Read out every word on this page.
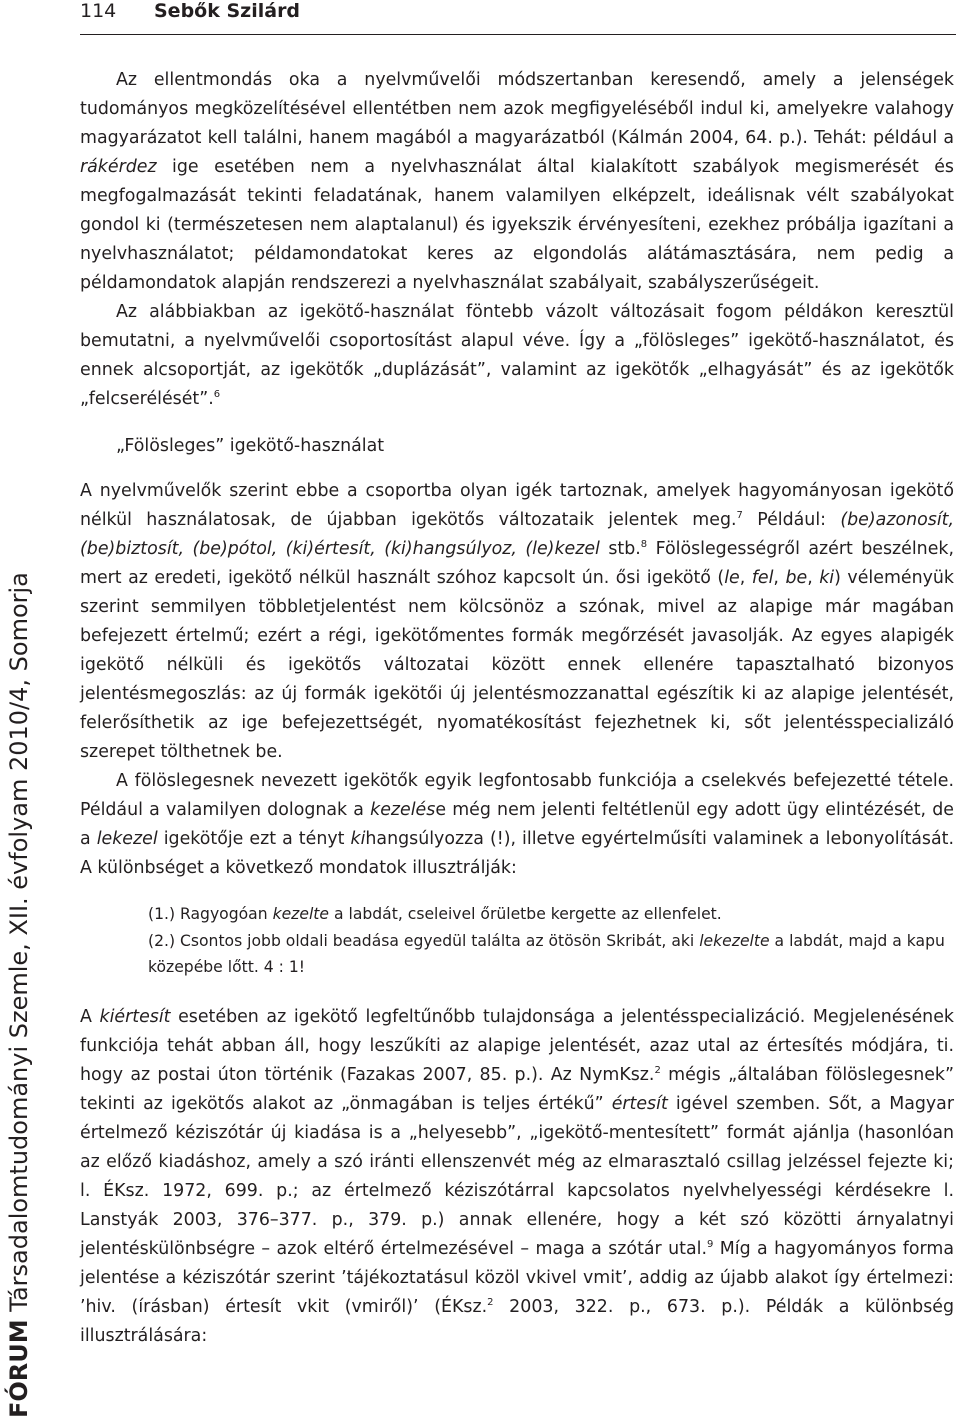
114 Sebők Szilárd
FÓRUM Társadalomtudományi Szemle, XII. évfolyam 2010/4, Somorja

Az ellentmondás oka a nyelvművelői módszertanban keresendő, amely a jelenségek tudományos megközelítésével ellentétben nem azok megfigyeléséből indul ki, amelyekre valahogy magyarázatot kell találni, hanem magából a magyarázatból (Kálmán 2004, 64. p.). Tehát: például a rákérdez ige esetében nem a nyelvhasználat által kialakított szabályok megismerését és megfogalmazását tekinti feladatának, hanem valamilyen elképzelt, ideálisnak vélt szabályokat gondol ki (természetesen nem alaptalanul) és igyekszik érvényesíteni, ezekhez próbálja igazítani a nyelvhasználatot; példamondatokat keres az elgondolás alátámasztására, nem pedig a példamondatok alapján rendszerezi a nyelvhasználat szabályait, szabályszerűségeit.

Az alábbiakban az igekötő-használat föntebb vázolt változásait fogom példákon keresztül bemutatni, a nyelvművelői csoportosítást alapul véve. Így a „fölösleges” igekötő-használatot, és ennek alcsoportját, az igekötők „duplázását”, valamint az igekötők „elhagyását” és az igekötők „felcserélését”.$^6$

„Fölösleges” igekötő-használat

A nyelvművelők szerint ebbe a csoportba olyan igék tartoznak, amelyek hagyományosan igekötő nélkül használatosak, de újabban igekötős változataik jelentek meg.$^7$ Például: (be)azonosít, (be)biztosít, (be)pótol, (ki)értesít, (ki)hangsúlyoz, (le)kezel stb.$^8$ Fölöslegességről azért beszélnek, mert az eredeti, igekötő nélkül használt szóhoz kapcsolt ún. ősi igekötő (le, fel, be, ki) véleményük szerint semmilyen többletjelentést nem kölcsönöz a szónak, mivel az alapige már magában befejezett értelmű; ezért a régi, igekötőmentes formák megőrzését javasolják. Az egyes alapigék igekötő nélküli és igekötős változatai között ennek ellenére tapasztalható bizonyos jelentésmegoszlás: az új formák igekötői új jelentésmozzanattal egészítik ki az alapige jelentését, felerősíthetik az ige befejezettségét, nyomatékosítást fejezhetnek ki, sőt jelentésspecializáló szerepet tölthetnek be.

A fölöslegesnek nevezett igekötők egyik legfontosabb funkciója a cselekvés befejezetté tétele. Például a valamilyen dolognak a kezelése még nem jelenti feltétlenül egy adott ügy elintézését, de a lekezel igekötője ezt a tényt kihangsúlyozza (!), illetve egyértelműsíti valaminek a lebonyolítását. A különbséget a következő mondatok illusztrálják:

(1.) Ragyogóan kezelte a labdát, cseleivel őrületbe kergette az ellenfelet.

(2.) Csontos jobb oldali beadása egyedül találta az ötösön Skribát, aki lekezelte a labdát, majd a kapu közepébe lőtt. 4 : 1!

A kiértesít esetében az igekötő legfeltűnőbb tulajdonsága a jelentésspecializáció. Megjelenésének funkciója tehát abban áll, hogy leszűkíti az alapige jelentését, azaz utal az értesítés módjára, ti. hogy az postai úton történik (Fazakas 2007, 85. p.). Az NymKsz.$^2$ mégis „általában fölöslegesnek” tekinti az igekötős alakot az „önmagában is teljes értékű” értesít igével szemben. Sőt, a Magyar értelmező kéziszótár új kiadása is a „helyesebb”, „igekötő-mentesített” formát ajánlja (hasonlóan az előző kiadáshoz, amely a szó iránti ellenszenvét még az elmarasztaló csillag jelzéssel fejezte ki; l. ÉKsz. 1972, 699. p.; az értelmező kéziszótárral kapcsolatos nyelvhelyességi kérdésekre l. Lanstyák 2003, 376–377. p., 379. p.) annak ellenére, hogy a két szó közötti árnyalatnyi jelentéskülönbségre – azok eltérő értelmezésével – maga a szótár utal.$^9$ Míg a hagyományos forma jelentése a kéziszótár szerint ’tájékoztatásul közöl vkivel vmit’, addig az újabb alakot így értelmezi: ’hiv. (írásban) értesít vkit (vmiről)’ (ÉKsz.$^2$ 2003, 322. p., 673. p.). Példák a különbség illusztrálására:
